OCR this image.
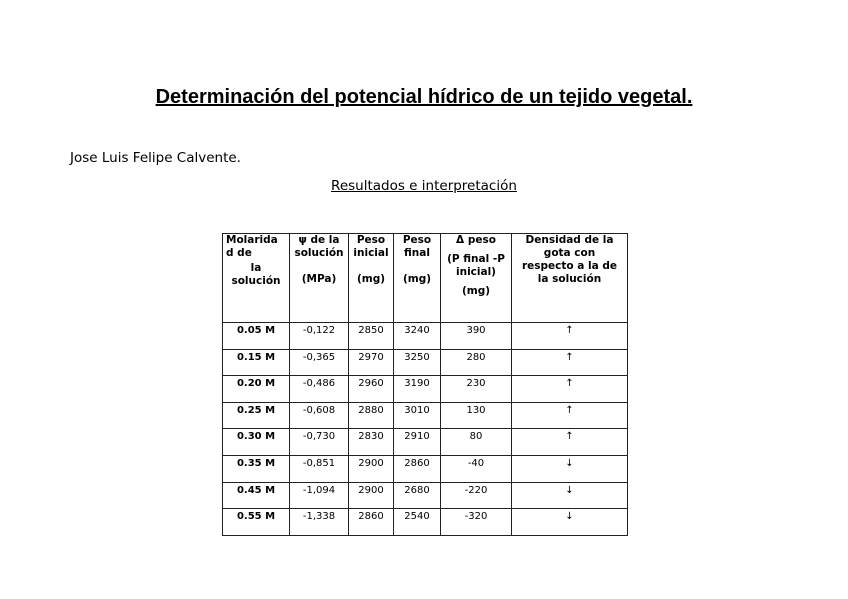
Determinación del potencial hídrico de un tejido vegetal.

Jose Luis Felipe Calvente.

Resultados e interpretación

Molarida
d de
la
solución	ψ de la
solución
(MPa)	Peso
inicial
(mg)	Peso
final
(mg)	Δ peso
(P final -P
inicial)
(mg)	Densidad de la
gota con
respecto a la de
la solución

0.05 M	-0,122	2850	3240	390	↑
0.15 M	-0,365	2970	3250	280	↑
0.20 M	-0,486	2960	3190	230	↑
0.25 M	-0,608	2880	3010	130	↑
0.30 M	-0,730	2830	2910	80	↑
0.35 M	-0,851	2900	2860	-40	↓
0.45 M	-1,094	2900	2680	-220	↓
0.55 M	-1,338	2860	2540	-320	↓
